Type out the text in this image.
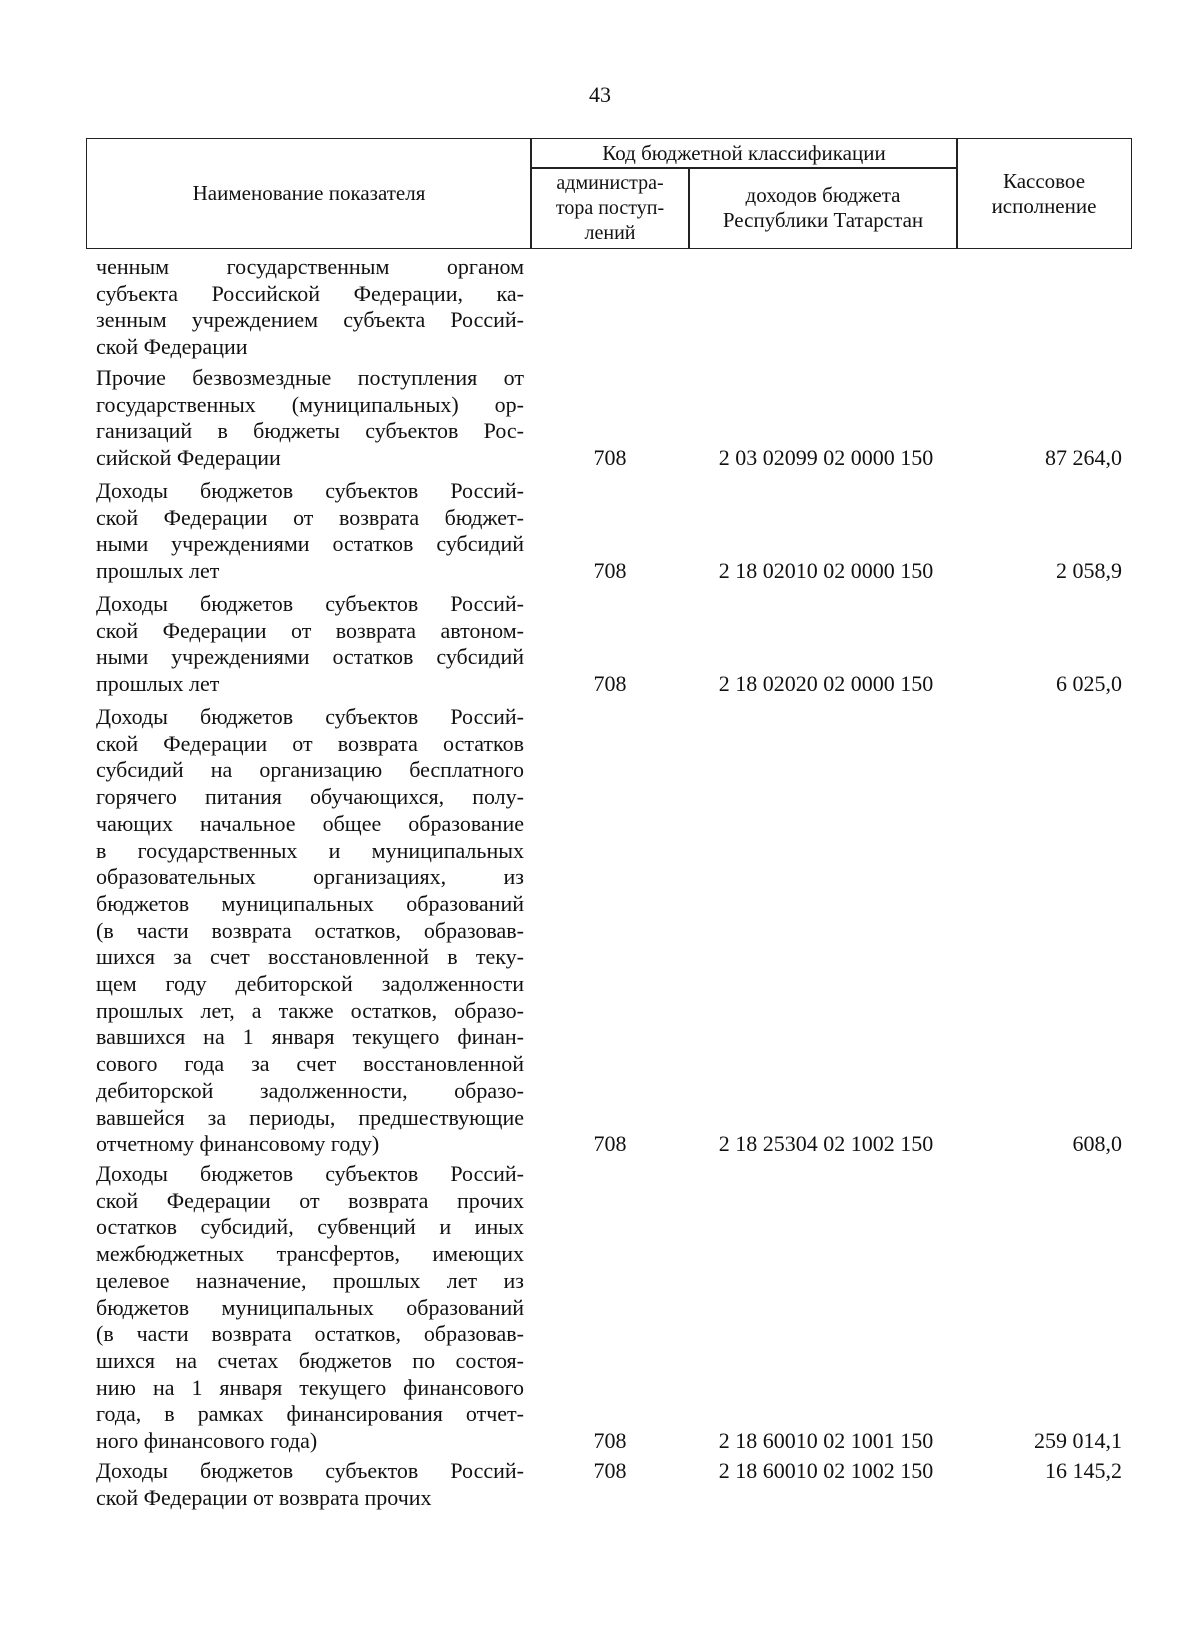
43
Наименование показателя
Код бюджетной классификации
администра-тора поступ-лений
доходов бюджета Республики Татарстан
Кассовое исполнение
ченным государственным органом
субъекта Российской Федерации, ка-
зенным учреждением субъекта Россий-
ской Федерации
Прочие безвозмездные поступления от
государственных (муниципальных) ор-
ганизаций в бюджеты субъектов Рос-
сийской Федерации	708	2 03 02099 02 0000 150	87 264,0
Доходы бюджетов субъектов Россий-
ской Федерации от возврата бюджет-
ными учреждениями остатков субсидий
прошлых лет	708	2 18 02010 02 0000 150	2 058,9
Доходы бюджетов субъектов Россий-
ской Федерации от возврата автоном-
ными учреждениями остатков субсидий
прошлых лет	708	2 18 02020 02 0000 150	6 025,0
Доходы бюджетов субъектов Россий-
ской Федерации от возврата остатков
субсидий на организацию бесплатного
горячего питания обучающихся, полу-
чающих начальное общее образование
в государственных и муниципальных
образовательных организациях, из
бюджетов муниципальных образований
(в части возврата остатков, образовав-
шихся за счет восстановленной в теку-
щем году дебиторской задолженности
прошлых лет, а также остатков, образо-
вавшихся на 1 января текущего финан-
сового года за счет восстановленной
дебиторской задолженности, образо-
вавшейся за периоды, предшествующие
отчетному финансовому году)	708	2 18 25304 02 1002 150	608,0
Доходы бюджетов субъектов Россий-
ской Федерации от возврата прочих
остатков субсидий, субвенций и иных
межбюджетных трансфертов, имеющих
целевое назначение, прошлых лет из
бюджетов муниципальных образований
(в части возврата остатков, образовав-
шихся на счетах бюджетов по состоя-
нию на 1 января текущего финансового
года, в рамках финансирования отчет-
ного финансового года)	708	2 18 60010 02 1001 150	259 014,1
Доходы бюджетов субъектов Россий-
ской Федерации от возврата прочих
708	2 18 60010 02 1002 150	16 145,2
